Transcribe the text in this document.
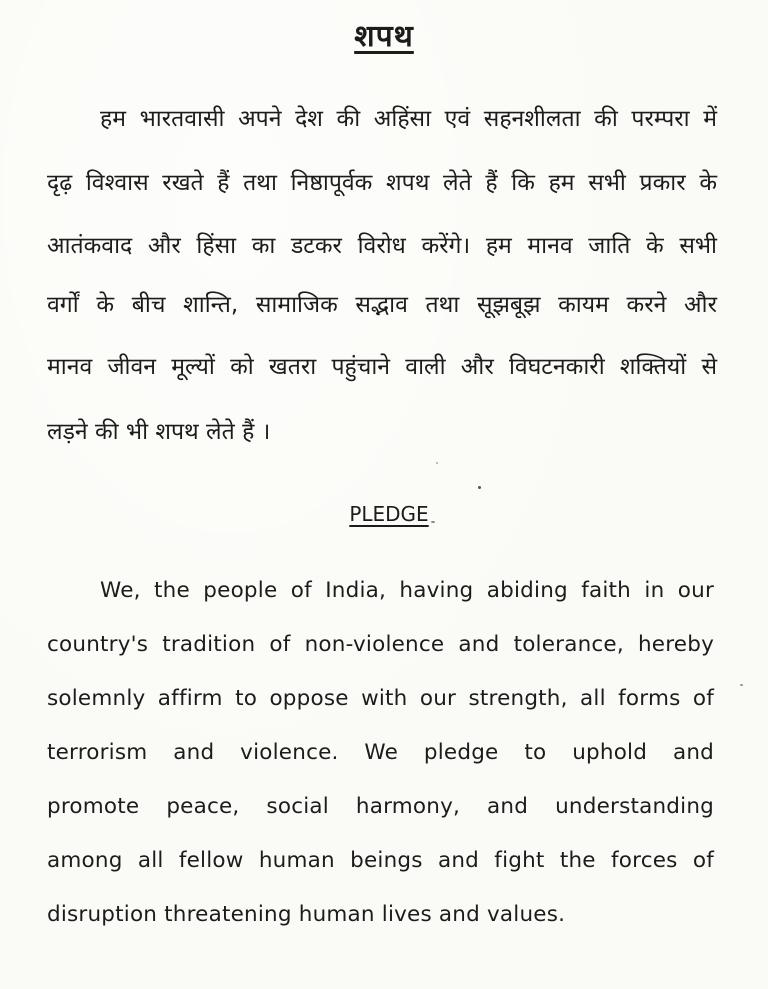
शपथ
हम भारतवासी अपने देश की अहिंसा एवं सहनशीलता की परम्परा में
दृढ़ विश्वास रखते हैं तथा निष्ठापूर्वक शपथ लेते हैं कि हम सभी प्रकार के
आतंकवाद और हिंसा का डटकर विरोध करेंगे। हम मानव जाति के सभी
वर्गों के बीच शान्ति, सामाजिक सद्भाव तथा सूझबूझ कायम करने और
मानव जीवन मूल्यों को खतरा पहुंचाने वाली और विघटनकारी शक्तियों से
लड़ने की भी शपथ लेते हैं ।
PLEDGE
We, the people of India, having abiding faith in our
country's tradition of non-violence and tolerance, hereby
solemnly affirm to oppose with our strength, all forms of
terrorism and violence. We pledge to uphold and
promote peace, social harmony, and understanding
among all fellow human beings and fight the forces of
disruption threatening human lives and values.
